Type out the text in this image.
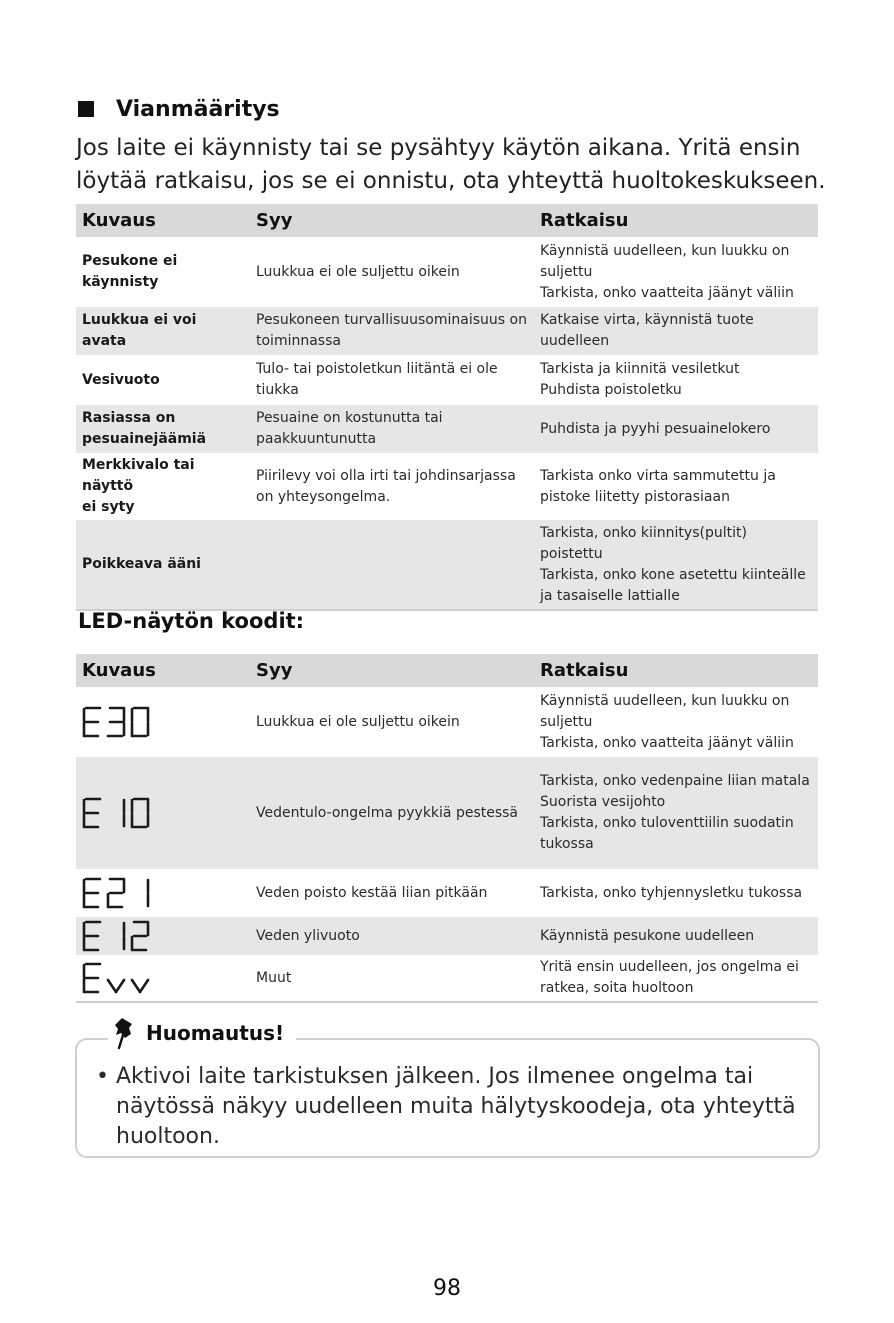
Vianmääritys
Jos laite ei käynnisty tai se pysähtyy käytön aikana. Yritä ensin löytää ratkaisu, jos se ei onnistu, ota yhteyttä huoltokeskukseen.
Kuvaus	Syy	Ratkaisu
Pesukone ei
käynnisty	Luukkua ei ole suljettu oikein	Käynnistä uudelleen, kun luukku on suljettu
Tarkista, onko vaatteita jäänyt väliin
Luukkua ei voi avata	Pesukoneen turvallisuusominaisuus on toiminnassa	Katkaise virta, käynnistä tuote uudelleen
Vesivuoto	Tulo- tai poistoletkun liitäntä ei ole tiukka	Tarkista ja kiinnitä vesiletkut
Puhdista poistoletku
Rasiassa on
pesuainejäämiä	Pesuaine on kostunutta tai paakkuuntunutta	Puhdista ja pyyhi pesuainelokero
Merkkivalo tai näyttö
ei syty	Piirilevy voi olla irti tai johdinsarjassa on yhteysongelma.	Tarkista onko virta sammutettu ja pistoke liitetty pistorasiaan
Poikkeava ääni		Tarkista, onko kiinnitys(pultit) poistettu
Tarkista, onko kone asetettu kiinteälle ja tasaiselle lattialle
LED-näytön koodit:
Kuvaus	Syy	Ratkaisu

	Luukkua ei ole suljettu oikein	Käynnistä uudelleen, kun luukku on suljettu
Tarkista, onko vaatteita jäänyt väliin

	Vedentulo-ongelma pyykkiä pestessä	Tarkista, onko vedenpaine liian matala
Suorista vesijohto
Tarkista, onko tuloventtiilin suodatin tukossa

	Veden poisto kestää liian pitkään	Tarkista, onko tyhjennysletku tukossa

	Veden ylivuoto	Käynnistä pesukone uudelleen

	Muut	Yritä ensin uudelleen, jos ongelma ei ratkea, soita huoltoon
Huomautus!
• Aktivoi laite tarkistuksen jälkeen. Jos ilmenee ongelma tai näytössä näkyy uudelleen muita hälytyskoodeja, ota yhteyttä huoltoon.
98
